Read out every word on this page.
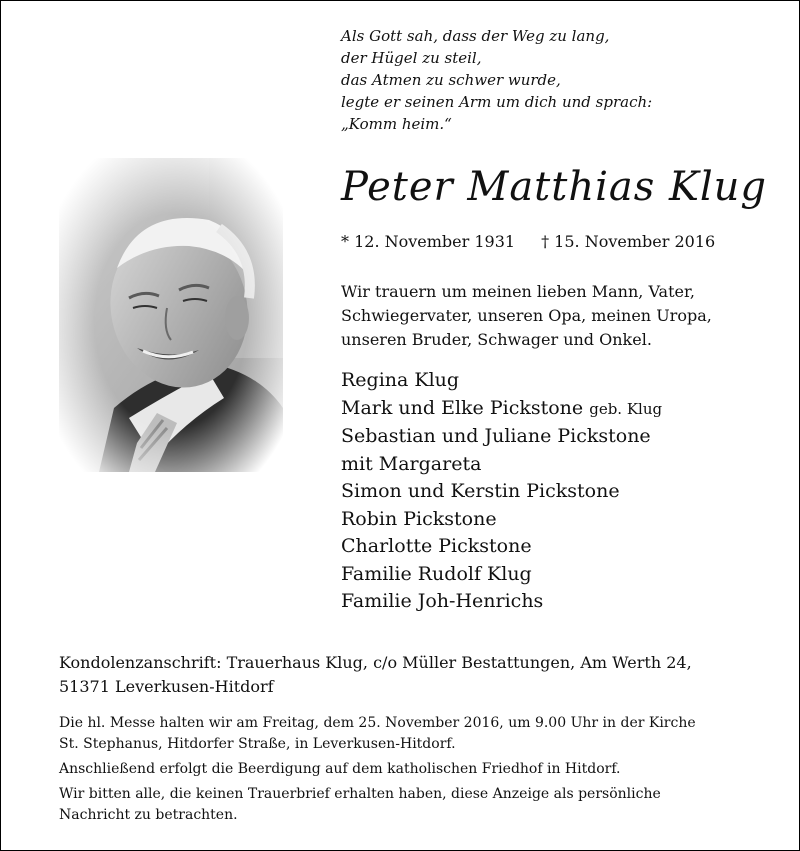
Als Gott sah, dass der Weg zu lang,
der Hügel zu steil,
das Atmen zu schwer wurde,
legte er seinen Arm um dich und sprach:
„Komm heim.“
Peter Matthias Klug
* 12. November 1931 † 15. November 2016
Wir trauern um meinen lieben Mann, Vater,
Schwiegervater, unseren Opa, meinen Uropa,
unseren Bruder, Schwager und Onkel.
Regina Klug
Mark und Elke Pickstone geb. Klug
Sebastian und Juliane Pickstone
mit Margareta
Simon und Kerstin Pickstone
Robin Pickstone
Charlotte Pickstone
Familie Rudolf Klug
Familie Joh-Henrichs
Kondolenzanschrift: Trauerhaus Klug, c/o Müller Bestattungen, Am Werth 24,
51371 Leverkusen-Hitdorf
Die hl. Messe halten wir am Freitag, dem 25. November 2016, um 9.00 Uhr in der Kirche
St. Stephanus, Hitdorfer Straße, in Leverkusen-Hitdorf.
Anschließend erfolgt die Beerdigung auf dem katholischen Friedhof in Hitdorf.
Wir bitten alle, die keinen Trauerbrief erhalten haben, diese Anzeige als persönliche
Nachricht zu betrachten.
